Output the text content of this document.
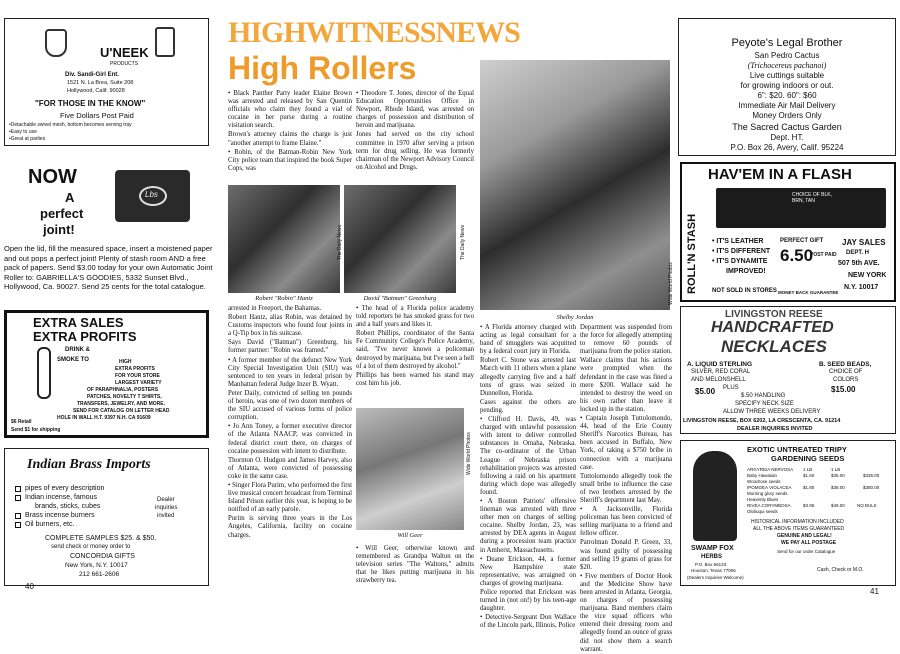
U'NEEK
PRODUCTS
Div. Sandi-Girl Ent.
1521 N. La Brea, Suite 208
Hollywood, Calif. 90028
"FOR THOSE IN THE KNOW"
Five Dollars Post Paid
•Detachable swivel mesh, bottom becomes serving tray
•Easy to use
•Great at parties
NOW
A
perfect
joint!
Lbs
Open the lid, fill the measured space, insert a moistened paper and out pops a perfect joint! Plenty of stash room AND a free pack of papers. Send $3.00 today for your own Automatic Joint Roller to: GABRIELLA'S GOODIES, 5332 Sunset Blvd., Hollywood, Ca. 90027. Send 25 cents for the total catalogue.
EXTRA SALES
EXTRA PROFITS
DRINK &
SMOKE TO	HIGH
EXTRA PROFITS
FOR YOUR STORE
LARGEST VARIETY
OF PARAPHNALIA, POSTERS
PATCHES, NOVELTY T SHIRTS,
TRANSFERS, JEWELRY, AND MORE.
SEND FOR CATALOG ON LETTER HEAD
HOLE IN WALL H.T. 9397 N.H. CA 91609
$6 Retail
Send $1 for shipping
Indian Brass Imports
pipes of every description
Indian incense, famous
brands, sticks, cubes
Brass incense burners
Oil burners, etc.
Dealer
inquiries
invited
COMPLETE SAMPLES $25. & $50.
send check or money order to
CONCORDIA GIFTS
New York, N.Y. 10017
212 661-2606
40
HIGHWITNESSNEWS
High Rollers

• Black Panther Party leader Elaine Brown was arrested and released by San Quentin officials who claim they found a vial of cocaine in her purse during a routine visitation search.

Brown's attorney claims the charge is just "another attempt to frame Elaine."

• Robin, of the Batman-Robin New York City police team that inspired the book Super Cops, was

• Theodore T. Jones, director of the Equal Education Opportunities Office in Newport, Rhode Island, was arrested on charges of possession and distribution of heroin and marijuana.

Jones had served on the city school committee in 1970 after serving a prison term for drug selling. He was formerly chairman of the Newport Advisory Council on Alcohol and Drugs.

The Daily News
Robert "Robin" Hantz
The Daily News
David "Batman" Greenburg

arrested in Freeport, the Bahamas.

Robert Hantz, alias Robin, was detained by Customs inspectors who found four joints in a Q-Tip box in his suitcase.

Says David ("Batman") Greenburg, his former partner: "Robin was framed."

• A former member of the defunct New York City Special Investigation Unit (SIU) was sentenced to ten years in federal prison by Manhattan federal Judge Inzer B. Wyatt.

Peter Daily, convicted of selling ten pounds of heroin, was one of two dozen members of the SIU accused of various forms of police corruption.

• Jo Ann Toney, a former executive director of the Atlanta NAACP, was convicted in federal district court there, on charges of cocaine possession with intent to distribute.

Thornton O. Hudgon and James Harvey, also of Atlanta, were convicted of possessing coke in the same case.

• Singer Flora Purim, who performed the first live musical concert broadcast from Terminal Island Prison earlier this year, is hoping to be notified of an early parole.

Purim is serving three years in the Los Angeles, California, facility on cocaine charges.

• The head of a Florida police academy told reporters he has smoked grass for two and a half years and likes it.

Robert Phillips, coordinator of the Santa Fe Community College's Police Academy, said, "I've never known a policeman destroyed by marijuana, but I've seen a hell of a lot of them destroyed by alcohol."

Phillips has been warned his stand may cost him his job.

Wide World Photos
Will Geer

• Will Geer, otherwise known and remembered as Grandpa Walton on the television series "The Waltons," admits that he likes putting marijuana in his strawberry tea.

Wide World Photos
Shelby Jordan

• A Florida attorney charged with acting as legal consultant for a band of smugglers was acquitted by a federal court jury in Florida.

Robert C. Stone was arrested last March with 11 others when a plane allegedly carrying five and a half tons of grass was seized in Dunnellon, Florida.

Cases against the others are pending.

• Clifford H. Davis, 49, was charged with unlawful possession with intent to deliver controlled substances in Omaha, Nebraska. The co-ordinator of the Urban League of Nebraska prison rehabilitation projects was arrested following a raid on his apartment during which dope was allegedly found.

• A Boston Patriots' offensive lineman was arrested with three other men on charges of selling cocaine. Shelby Jordan, 23, was arrested by DEA agents in August during a procession team practice in Amherst, Massachusetts.

• Duane Erickson, 44, a former New Hampshire state representative, was arraigned on charges of growing marijuana.

Police reported that Erickson was turned in (not on!) by his teen-age daughter.

• Detective-Sergeant Don Wallace of the Lincoln park, Illinois, Police

Department was suspended from the force for allegedly attempting to remove 60 pounds of marijuana from the police station.

Wallace claims that his actions were prompted when the defendant in the case was fined a mere $200. Wallace said he intended to destroy the weed on his own rather than leave it locked up in the station.

• Captain Joseph Tuttolomondo, 44, head of the Erie County Sheriff's Narcotics Bureau, has been accused in Buffalo, New York, of taking a $750 bribe in connection with a marijuana case.

Tuttolomondo allegedly took the small bribe to influence the case of two brothers arrested by the Sheriff's department last May.

• A Jacksonville, Florida policeman has been convicted of selling marijuana to a friend and fellow officer.

Patrolman Donald P. Green, 33, was found guilty of possessing and selling 19 grams of grass for $20.

• Five members of Doctor Hook and the Medicine Show have been arrested in Atlanta, Georgia, on charges of possessing marijuana. Band members claim the vice squad officers who entered their dressing room and allegedly found an ounce of grass did not show them a search warrant.

Peyote's Legal Brother
San Pedro Cactus
(Trichocereus pachanoi)
Live cuttings suitable
for growing indoors or out.
6": $20. 60": $60
Immediate Air Mail Delivery
Money Orders Only
The Sacred Cactus Garden
Dept. HT.
P.O. Box 26, Avery, Calif. 95224
HAV'EM IN A FLASH
ROLL'N STASH
CHOICE OF BLK, BRN, TAN
• IT'S LEATHER
• IT'S DIFFERENT
• IT'S DYNAMITE
IMPROVED!
NOT SOLD IN STORES
PERFECT GIFT
6.50
POST PAID
MONEY BACK GUARANTEE
JAY SALES
DEPT. H
507 5th AVE.
NEW YORK
N.Y. 10017
LIVINGSTON REESE
HANDCRAFTED
NECKLACES
A. LIQUID STERLING
SILVER, RED CORAL
AND MELONSHELL
$5.00
B. SEED BEADS,
CHOICE OF
COLORS
$15.00
PLUS
$.50 HANDLING
SPECIFY NECK SIZE
ALLOW THREE WEEKS DELIVERY
LIVINGSTON REESE, BOX 6202, LA CRESCENTA, CA. 91214
DEALER INQUIRIES INVITED
EXOTIC UNTREATED TRIPY
GARDENING SEEDS
ARGYREIA NERVOSA
Baby Hawaiian
Woodrose seeds
IPOMOEA VIOLACEA
Morning glory seeds
Heavenly Blues
RIVEA CORYMBOSA
Ololiuqui seeds
1 LB
$1.50
$1.80
$3.95
1 LB
$35.00
$38.00
$49.00
$335.00
$380.00
NO BULK
HISTORICAL INFORMATION INCLUDED
ALL THE ABOVE ITEMS GUARANTEED
GENUINE AND LEGAL!
WE PAY ALL POSTAGE
Send for our order Catalogue
SWAMP FOX
HERBS
P.O. Box 66133
Houston, Texas 77006
(Dealers Inquiries Welcome)
Cash, Check or M.O.
41
